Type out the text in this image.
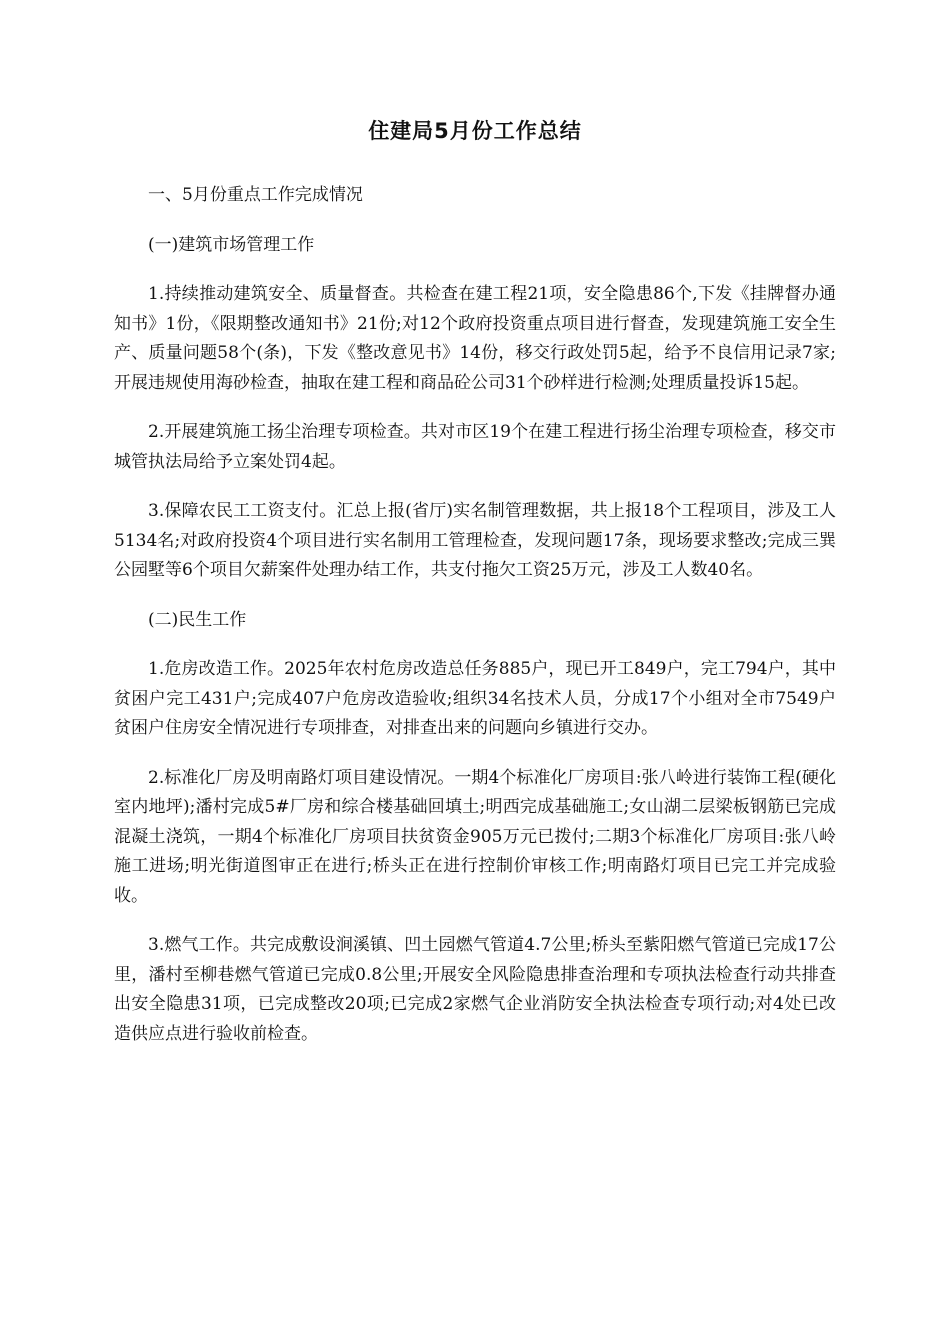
住建局5月份工作总结

一、5月份重点工作完成情况

(一)建筑市场管理工作

1.持续推动建筑安全、质量督查。共检查在建工程21项，安全隐患86个,下发《挂牌督办通知书》1份，《限期整改通知书》21份;对12个政府投资重点项目进行督查，发现建筑施工安全生产、质量问题58个(条)，下发《整改意见书》14份，移交行政处罚5起，给予不良信用记录7家;开展违规使用海砂检查，抽取在建工程和商品砼公司31个砂样进行检测;处理质量投诉15起。

2.开展建筑施工扬尘治理专项检查。共对市区19个在建工程进行扬尘治理专项检查，移交市城管执法局给予立案处罚4起。

3.保障农民工工资支付。汇总上报(省厅)实名制管理数据，共上报18个工程项目，涉及工人5134名;对政府投资4个项目进行实名制用工管理检查，发现问题17条，现场要求整改;完成三巽公园墅等6个项目欠薪案件处理办结工作，共支付拖欠工资25万元，涉及工人数40名。

(二)民生工作

1.危房改造工作。2025年农村危房改造总任务885户，现已开工849户，完工794户，其中贫困户完工431户;完成407户危房改造验收;组织34名技术人员，分成17个小组对全市7549户贫困户住房安全情况进行专项排查，对排查出来的问题向乡镇进行交办。

2.标准化厂房及明南路灯项目建设情况。一期4个标准化厂房项目:张八岭进行装饰工程(硬化室内地坪);潘村完成5#厂房和综合楼基础回填土;明西完成基础施工;女山湖二层梁板钢筋已完成混凝土浇筑，一期4个标准化厂房项目扶贫资金905万元已拨付;二期3个标准化厂房项目:张八岭施工进场;明光街道图审正在进行;桥头正在进行控制价审核工作;明南路灯项目已完工并完成验收。

3.燃气工作。共完成敷设涧溪镇、凹土园燃气管道4.7公里;桥头至紫阳燃气管道已完成17公里，潘村至柳巷燃气管道已完成0.8公里;开展安全风险隐患排查治理和专项执法检查行动共排查出安全隐患31项，已完成整改20项;已完成2家燃气企业消防安全执法检查专项行动;对4处已改造供应点进行验收前检查。
